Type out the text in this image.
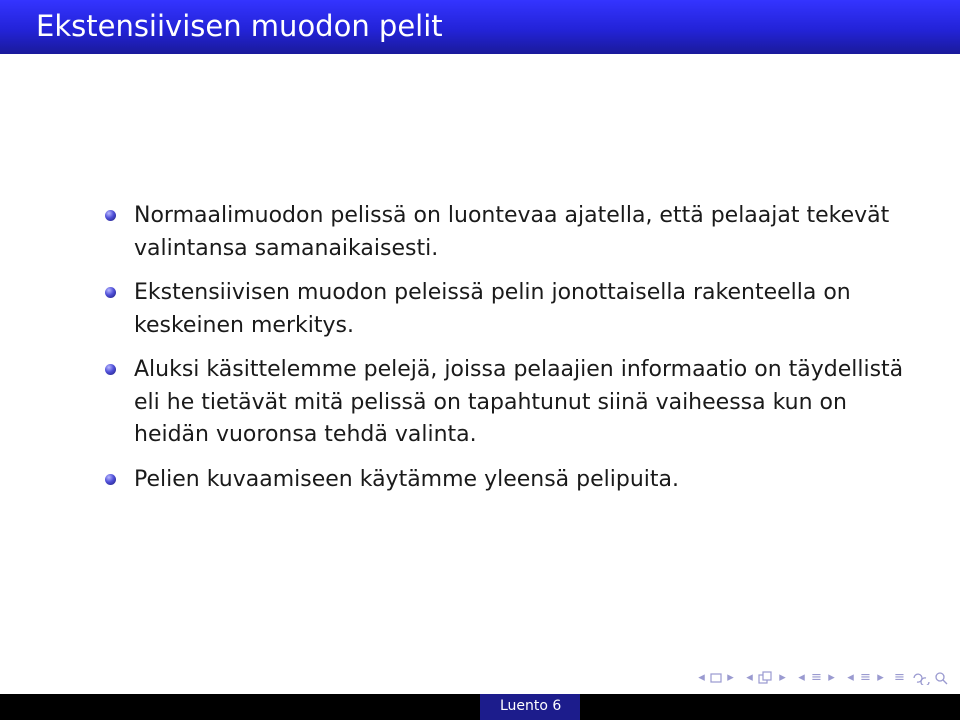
Ekstensiivisen muodon pelit
Normaalimuodon pelissä on luontevaa ajatella, että pelaajat tekevät valintansa samanaikaisesti.
Ekstensiivisen muodon peleissä pelin jonottaisella rakenteella on keskeinen merkitys.
Aluksi käsittelemme pelejä, joissa pelaajien informaatio on täydellistä eli he tietävät mitä pelissä on tapahtunut siinä vaiheessa kun on heidän vuoronsa tehdä valinta.
Pelien kuvaamiseen käytämme yleensä pelipuita.
◂ ▸ ◂ ▸ ◂ ≡ ▸ ◂ ≡ ▸ ≡
Luento 6
